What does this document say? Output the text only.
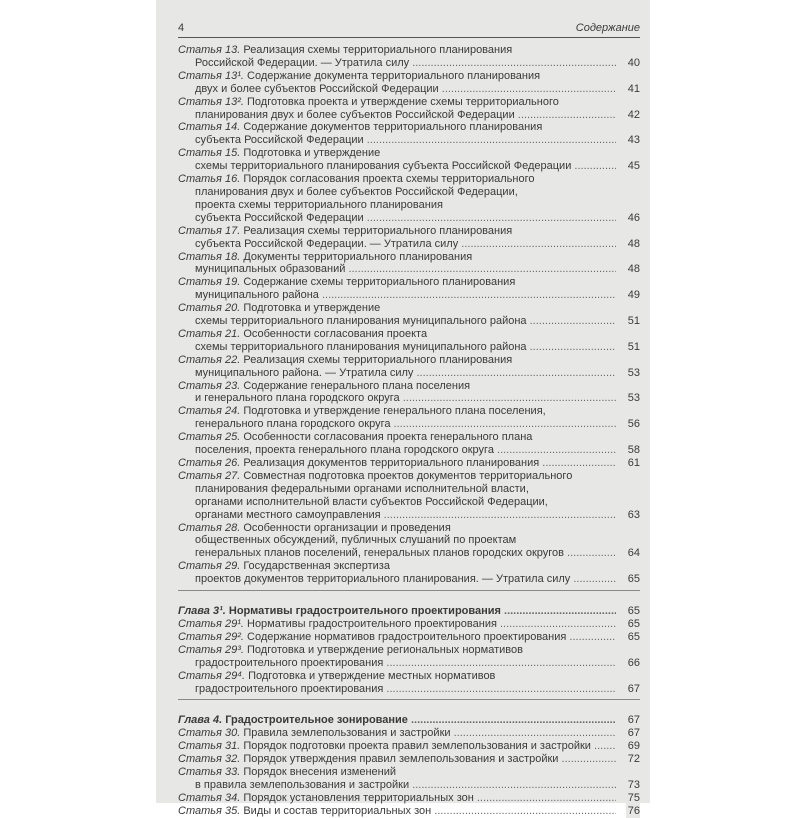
4	Содержание
Статья 13. Реализация схемы территориального планирования
Российской Федерации. — Утратила силу .....	40
Статья 13¹. Содержание документа территориального планирования
двух и более субъектов Российской Федерации .....	41
Статья 13². Подготовка проекта и утверждение схемы территориального
планирования двух и более субъектов Российской Федерации .....	42
Статья 14. Содержание документов территориального планирования
субъекта Российской Федерации .....	43
Статья 15. Подготовка и утверждение
схемы территориального планирования субъекта Российской Федерации .....	45
Статья 16. Порядок согласования проекта схемы территориального
планирования двух и более субъектов Российской Федерации,
проекта схемы территориального планирования
субъекта Российской Федерации .....	46
Статья 17. Реализация схемы территориального планирования
субъекта Российской Федерации. — Утратила силу .....	48
Статья 18. Документы территориального планирования
муниципальных образований .....	48
Статья 19. Содержание схемы территориального планирования
муниципального района .....	49
Статья 20. Подготовка и утверждение
схемы территориального планирования муниципального района .....	51
Статья 21. Особенности согласования проекта
схемы территориального планирования муниципального района .....	51
Статья 22. Реализация схемы территориального планирования
муниципального района. — Утратила силу .....	53
Статья 23. Содержание генерального плана поселения
и генерального плана городского округа .....	53
Статья 24. Подготовка и утверждение генерального плана поселения,
генерального плана городского округа .....	56
Статья 25. Особенности согласования проекта генерального плана
поселения, проекта генерального плана городского округа .....	58
Статья 26. Реализация документов территориального планирования .....	61
Статья 27. Совместная подготовка проектов документов территориального
планирования федеральными органами исполнительной власти,
органами исполнительной власти субъектов Российской Федерации,
органами местного самоуправления .....	63
Статья 28. Особенности организации и проведения
общественных обсуждений, публичных слушаний по проектам
генеральных планов поселений, генеральных планов городских округов .....	64
Статья 29. Государственная экспертиза
проектов документов территориального планирования. — Утратила силу .....	65
Глава 3¹. Нормативы градостроительного проектирования .....	65
Статья 29¹. Нормативы градостроительного проектирования .....	65
Статья 29². Содержание нормативов градостроительного проектирования .....	65
Статья 29³. Подготовка и утверждение региональных нормативов
градостроительного проектирования .....	66
Статья 29⁴. Подготовка и утверждение местных нормативов
градостроительного проектирования .....	67
Глава 4. Градостроительное зонирование .....	67
Статья 30. Правила землепользования и застройки .....	67
Статья 31. Порядок подготовки проекта правил землепользования и застройки .....	69
Статья 32. Порядок утверждения правил землепользования и застройки .....	72
Статья 33. Порядок внесения изменений
в правила землепользования и застройки .....	73
Статья 34. Порядок установления территориальных зон .....	75
Статья 35. Виды и состав территориальных зон .....	76
